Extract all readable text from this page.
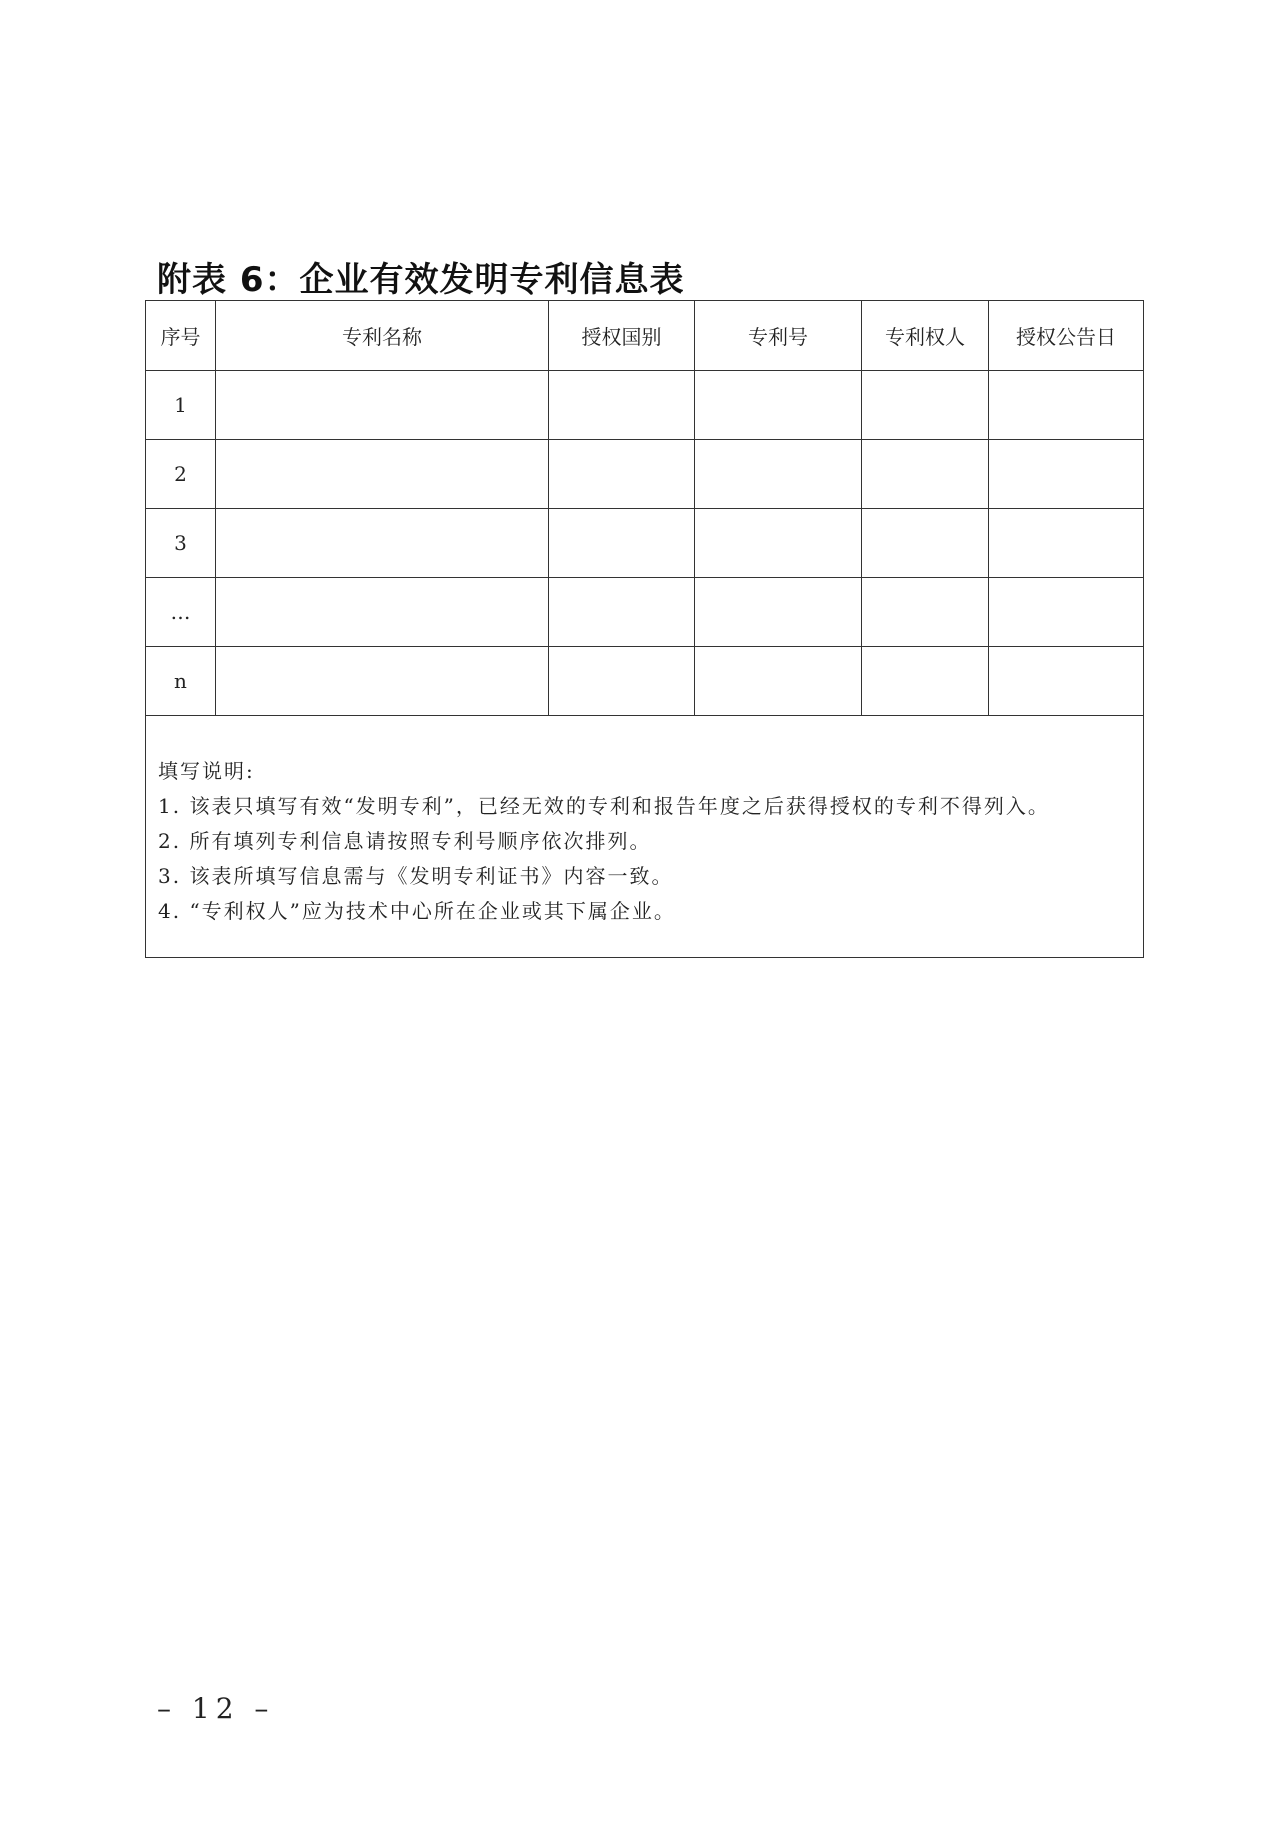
附表 6：企业有效发明专利信息表
序号	专利名称	授权国别	专利号	专利权人	授权公告日
1					
2					
3					
…					
n					

填写说明:
1. 该表只填写有效“发明专利”，已经无效的专利和报告年度之后获得授权的专利不得列入。
2. 所有填列专利信息请按照专利号顺序依次排列。
3. 该表所填写信息需与《发明专利证书》内容一致。
4. “专利权人”应为技术中心所在企业或其下属企业。					
– 12 –
